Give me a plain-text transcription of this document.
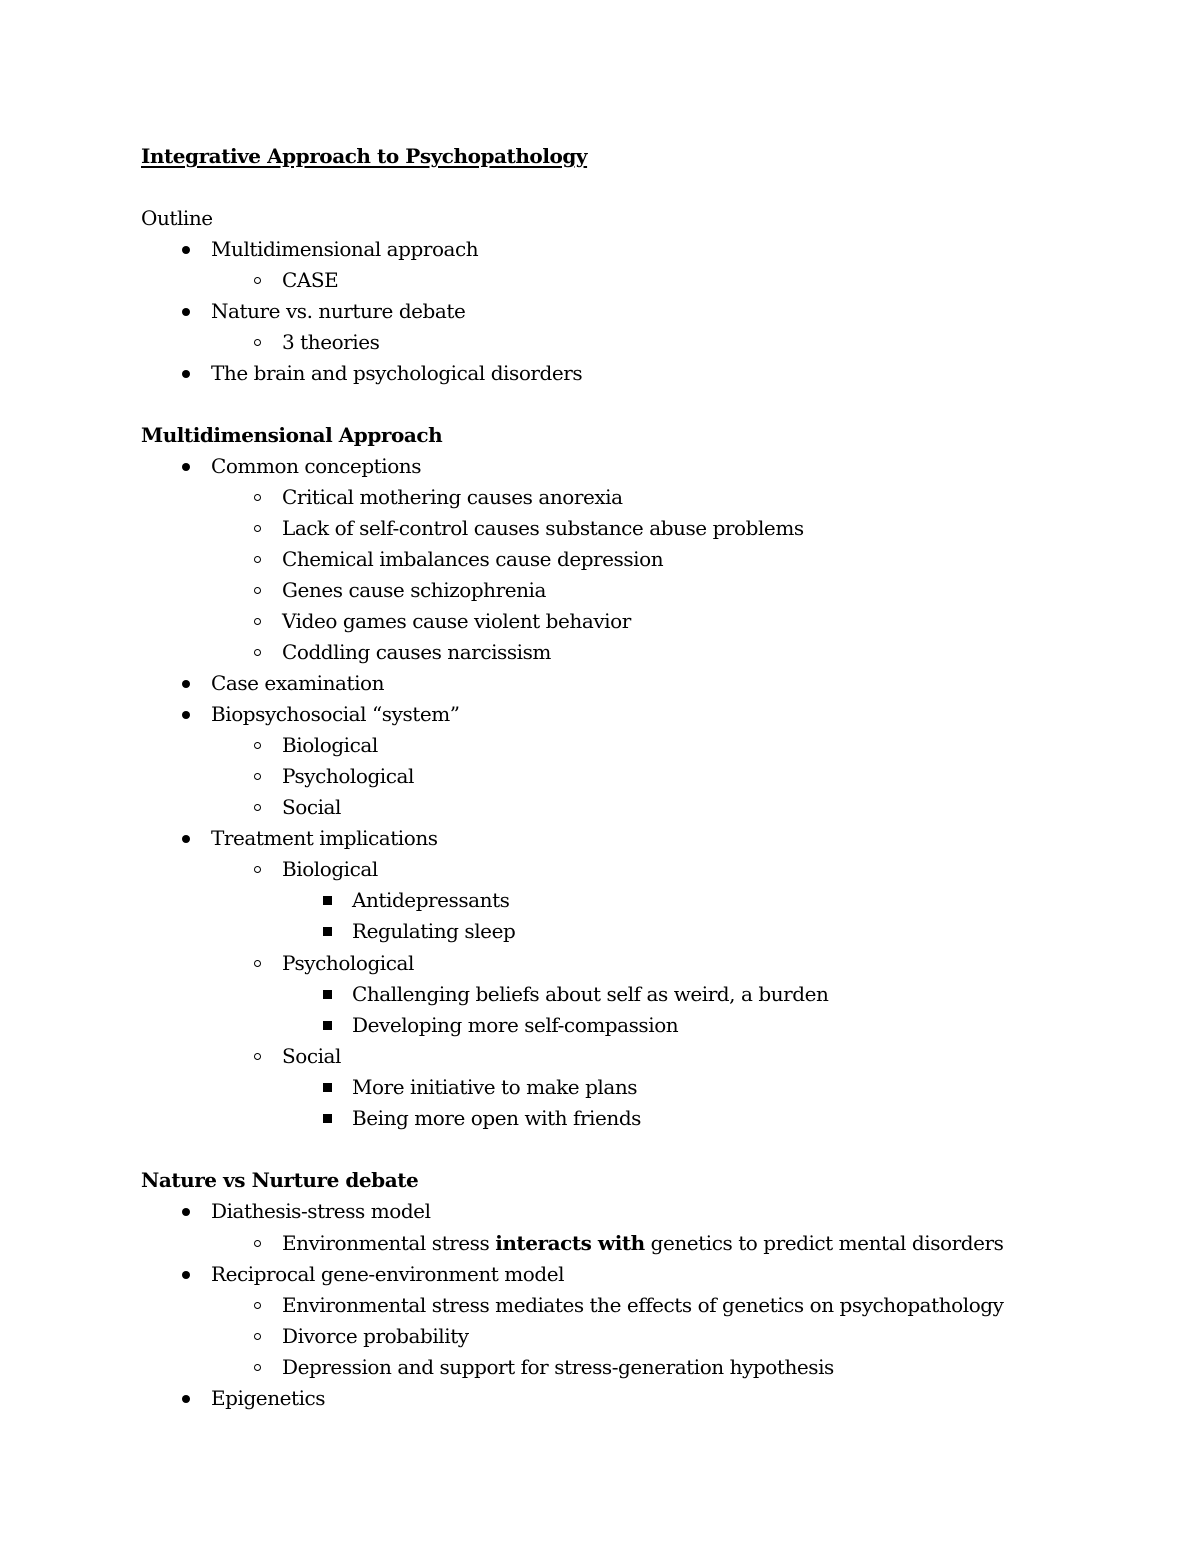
Integrative Approach to Psychopathology
Outline
Multidimensional approach
CASE
Nature vs. nurture debate
3 theories
The brain and psychological disorders
Multidimensional Approach
Common conceptions
Critical mothering causes anorexia
Lack of self-control causes substance abuse problems
Chemical imbalances cause depression
Genes cause schizophrenia
Video games cause violent behavior
Coddling causes narcissism
Case examination
Biopsychosocial “system”
Biological
Psychological
Social
Treatment implications
Biological
Antidepressants
Regulating sleep
Psychological
Challenging beliefs about self as weird, a burden
Developing more self-compassion
Social
More initiative to make plans
Being more open with friends
Nature vs Nurture debate
Diathesis-stress model
Environmental stress interacts with genetics to predict mental disorders
Reciprocal gene-environment model
Environmental stress mediates the effects of genetics on psychopathology
Divorce probability
Depression and support for stress-generation hypothesis
Epigenetics
